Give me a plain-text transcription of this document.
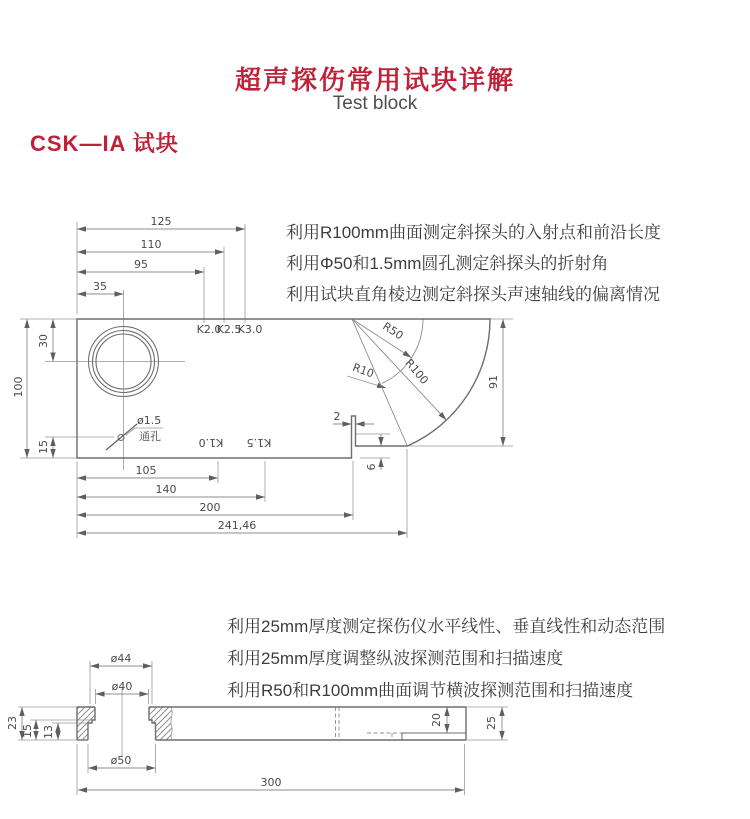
超声探伤常用试块详解
Test block
CSK—IA 试块
利用R100mm曲面测定斜探头的入射点和前沿长度
利用Φ50和1.5mm圆孔测定斜探头的折射角
利用试块直角棱边测定斜探头声速轴线的偏离情况
125
110
95
35
K2.0
K2.5
K3.0
100
30
15
105
140
200
241,46
K1.0 K1.5
91
R50
R100
R10
2
6
ø1.5
通孔
利用25mm厚度测定探伤仪水平线性、垂直线性和动态范围
利用25mm厚度调整纵波探测范围和扫描速度
利用R50和R100mm曲面调节横波探测范围和扫描速度
ø44
ø40
ø50
23
15 13
20	25
300
